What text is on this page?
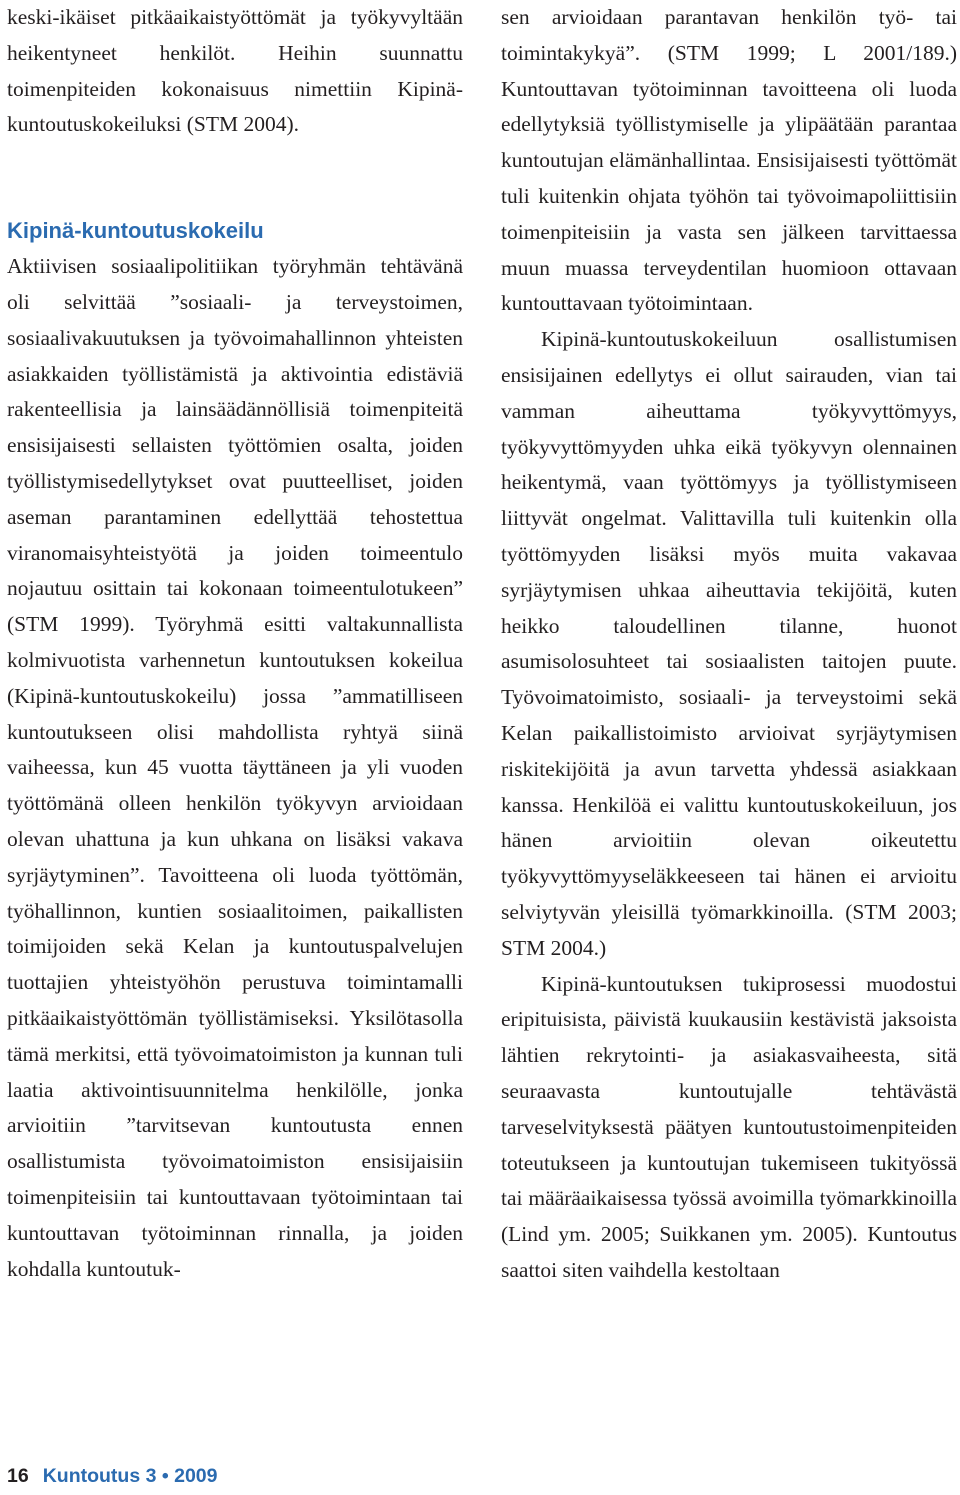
keski-ikäiset pitkäaikaistyöttömät ja työkyvyltään heikentyneet henkilöt. Heihin suunnattu toimenpiteiden kokonaisuus nimettiin Kipinä-kuntoutuskokeiluksi (STM 2004).

Kipinä-kuntoutuskokeilu

Aktiivisen sosiaalipolitiikan työryhmän tehtävänä oli selvittää ”sosiaali- ja terveystoimen, sosiaalivakuutuksen ja työvoimahallinnon yhteisten asiakkaiden työllistämistä ja aktivointia edistäviä rakenteellisia ja lainsäädännöllisiä toimenpiteitä ensisijaisesti sellaisten työttömien osalta, joiden työllistymisedellytykset ovat puutteelliset, joiden aseman parantaminen edellyttää tehostettua viranomaisyhteistyötä ja joiden toimeentulo nojautuu osittain tai kokonaan toimeentulotukeen” (STM 1999). Työryhmä esitti valtakunnallista kolmivuotista varhennetun kuntoutuksen kokeilua (Kipinä-kuntoutuskokeilu) jossa ”ammatilliseen kuntoutukseen olisi mahdollista ryhtyä siinä vaiheessa, kun 45 vuotta täyttäneen ja yli vuoden työttömänä olleen henkilön työkyvyn arvioidaan olevan uhattuna ja kun uhkana on lisäksi vakava syrjäytyminen”. Tavoitteena oli luoda työttömän, työhallinnon, kuntien sosiaalitoimen, paikallisten toimijoiden sekä Kelan ja kuntoutuspalvelujen tuottajien yhteistyöhön perustuva toimintamalli pitkäaikaistyöttömän työllistämiseksi. Yksilötasolla tämä merkitsi, että työvoimatoimiston ja kunnan tuli laatia aktivointisuunnitelma henkilölle, jonka arvioitiin ”tarvitsevan kuntoutusta ennen osallistumista työvoimatoimiston ensisijaisiin toimenpiteisiin tai kuntouttavaan työtoimintaan tai kuntouttavan työtoiminnan rinnalla, ja joiden kohdalla kuntoutuk-

sen arvioidaan parantavan henkilön työ- tai toimintakykyä”. (STM 1999; L 2001/189.) Kuntouttavan työtoiminnan tavoitteena oli luoda edellytyksiä työllistymiselle ja ylipäätään parantaa kuntoutujan elämänhallintaa. Ensisijaisesti työttömät tuli kuitenkin ohjata työhön tai työvoimapoliittisiin toimenpiteisiin ja vasta sen jälkeen tarvittaessa muun muassa terveydentilan huomioon ottavaan kuntouttavaan työtoimintaan.

Kipinä-kuntoutuskokeiluun osallistumisen ensisijainen edellytys ei ollut sairauden, vian tai vamman aiheuttama työkyvyttömyys, työkyvyttömyyden uhka eikä työkyvyn olennainen heikentymä, vaan työttömyys ja työllistymiseen liittyvät ongelmat. Valittavilla tuli kuitenkin olla työttömyyden lisäksi myös muita vakavaa syrjäytymisen uhkaa aiheuttavia tekijöitä, kuten heikko taloudellinen tilanne, huonot asumisolosuhteet tai sosiaalisten taitojen puute. Työvoimatoimisto, sosiaali- ja terveystoimi sekä Kelan paikallistoimisto arvioivat syrjäytymisen riskitekijöitä ja avun tarvetta yhdessä asiakkaan kanssa. Henkilöä ei valittu kuntoutuskokeiluun, jos hänen arvioitiin olevan oikeutettu työkyvyttömyyseläkkeeseen tai hänen ei arvioitu selviytyvän yleisillä työmarkkinoilla. (STM 2003; STM 2004.)

Kipinä-kuntoutuksen tukiprosessi muodostui eripituisista, päivistä kuukausiin kestävistä jaksoista lähtien rekrytointi- ja asiakasvaiheesta, sitä seuraavasta kuntoutujalle tehtävästä tarveselvityksestä päätyen kuntoutustoimenpiteiden toteutukseen ja kuntoutujan tukemiseen tukityössä tai määräaikaisessa työssä avoimilla työmarkkinoilla (Lind ym. 2005; Suikkanen ym. 2005). Kuntoutus saattoi siten vaihdella kestoltaan

16 Kuntoutus 3 • 2009
